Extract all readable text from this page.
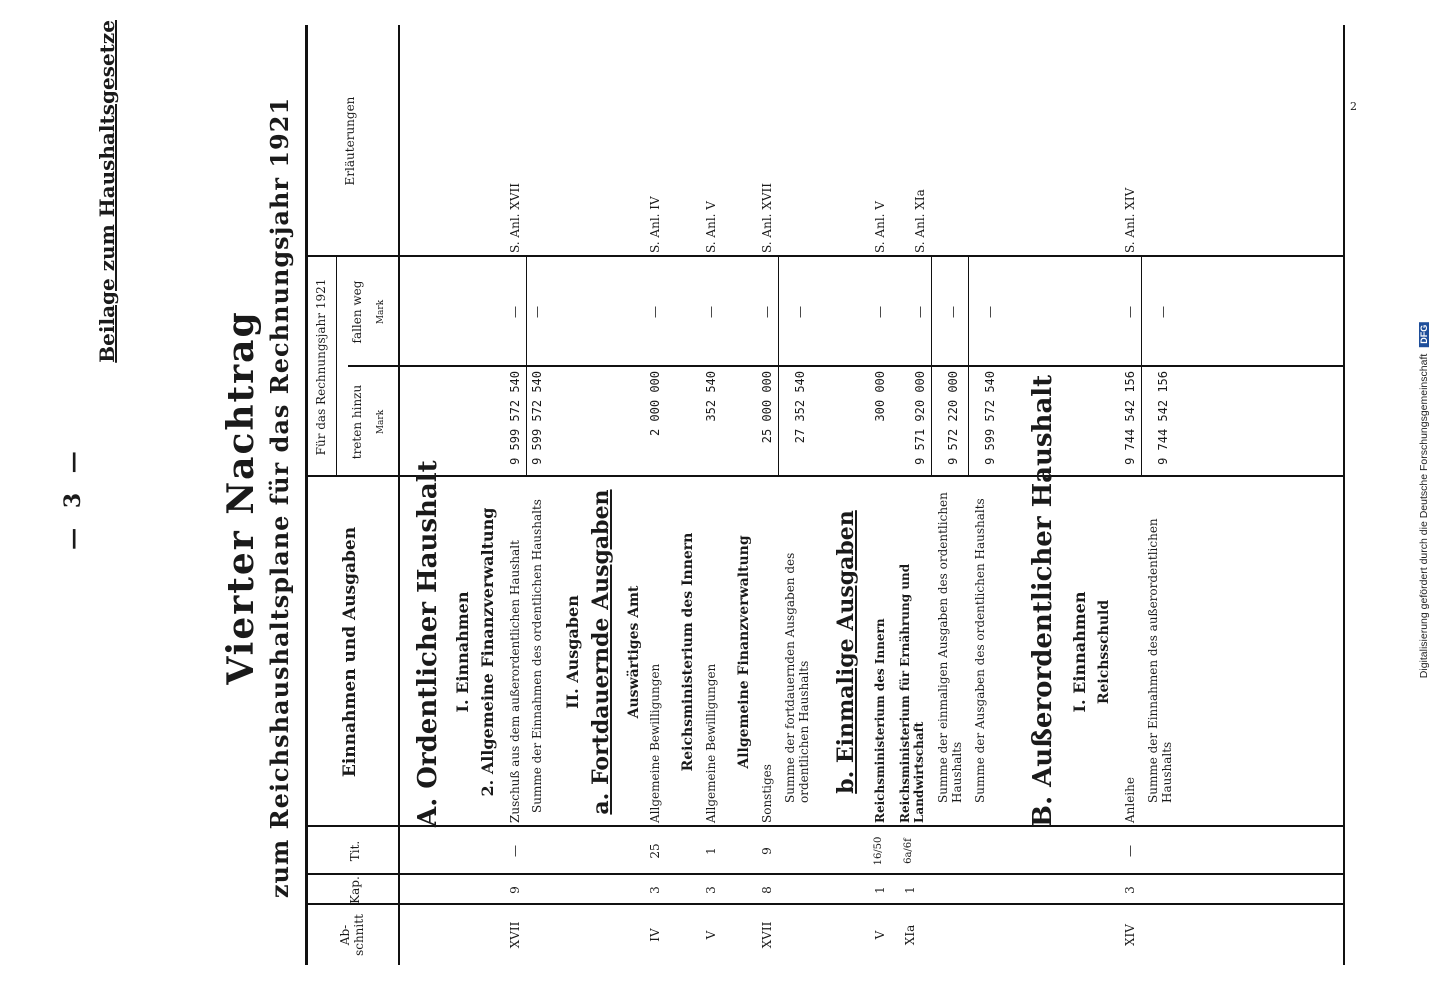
Digitalisierung gefördert durch die Deutsche Forschungsgemeinschaft DFG
2
— 3 —
Beilage zum Haushaltsgesetze
Vierter Nachtrag zum Reichshaushaltsplane für das Rechnungsjahr 1921
Ab- schnitt
Kap.
Tit.
Einnahmen und Ausgaben
Für das Rechnungsjahr 1921 treten hinzu Mark
fallen weg Mark
Erläuterungen
A. Ordentlicher Haushalt I. Einnahmen 2. Allgemeine Finanzverwaltung
XVII
9
—
Zuschuß aus dem außerordentlichen Haushalt
9 599 572 540
—
S. Anl. XVII
Summe der Einnahmen des ordentlichen Haushalts
9 599 572 540
—
II. Ausgaben a. Fortdauernde Ausgaben Auswärtiges Amt
IV
3
25
Allgemeine Bewilligungen
2 000 000
—
S. Anl. IV
Reichsministerium des Innern
V
3
1
Allgemeine Bewilligungen
352 540
—
S. Anl. V
Allgemeine Finanzverwaltung
XVII
8
9
Sonstiges
25 000 000
—
S. Anl. XVII
Summe der fortdauernden Ausgaben des ordentlichen Haushalts
27 352 540
—
b. Einmalige Ausgaben
V
1
16/50
Reichsministerium des Innern
300 000
—
S. Anl. V
XIa
1
6a/6f
Reichsministerium für Ernährung und Landwirtschaft
9 571 920 000
—
S. Anl. XIa
Summe der einmaligen Ausgaben des ordentlichen Haushalts
9 572 220 000
—
Summe der Ausgaben des ordentlichen Haushalts
9 599 572 540
—
B. Außerordentlicher Haushalt I. Einnahmen Reichsschuld
XIV
3
—
Anleihe
9 744 542 156
—
S. Anl. XIV
Summe der Einnahmen des außerordentlichen Haushalts
9 744 542 156
—
